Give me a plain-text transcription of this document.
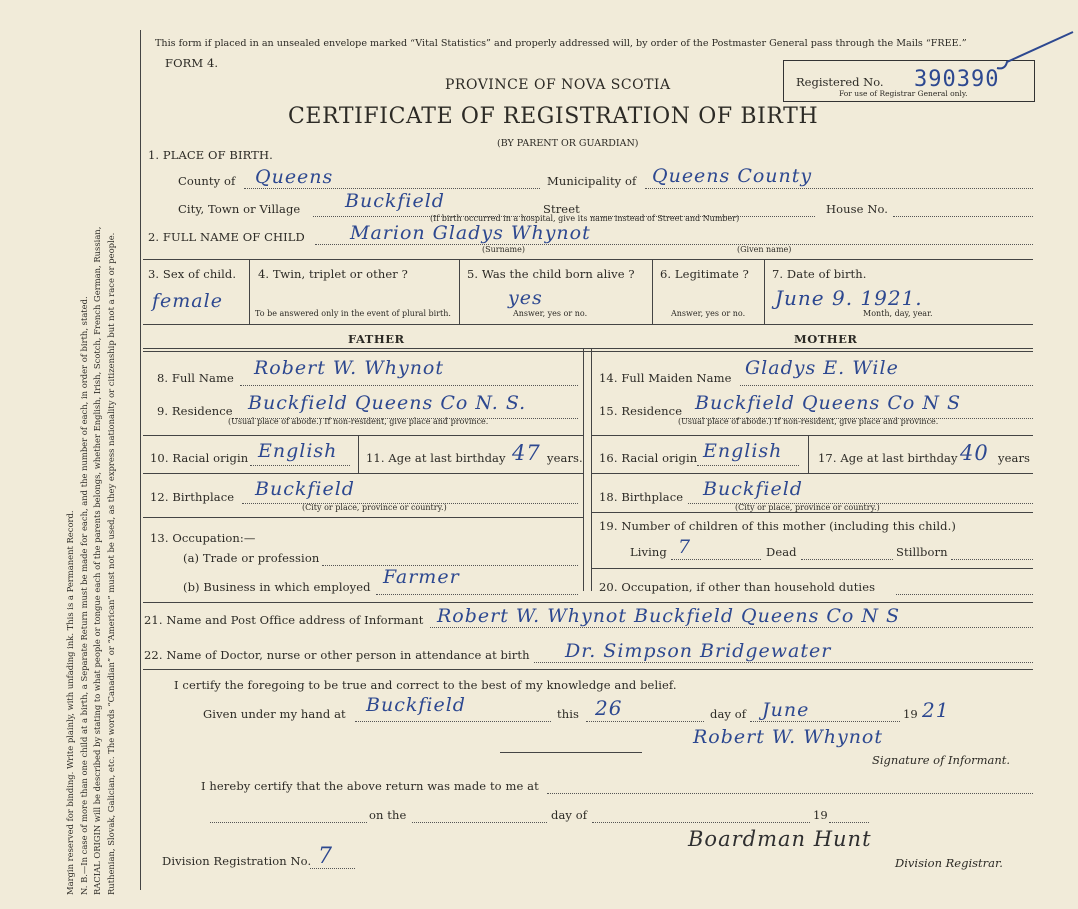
Margin reserved for binding. Write plainly, with unfading ink. This is a Permanent Record. N. B.—In case of more than one child at a birth, a Separate Return must be made for each, and the number of each, in order of birth, stated. RACIAL ORIGIN will be described by stating to what people or tongue each of the parents belongs, whether English, Irish, Scotch, French German, Russian, Ruthenian, Slovak, Galician, etc. The words “Canadian” or “American” must not be used, as they express nationality or citizenship but not a race or people.
This form if placed in an unsealed envelope marked “Vital Statistics” and properly addressed will, by order of the Postmaster General pass through the Mails “FREE.”
FORM 4.
PROVINCE OF NOVA SCOTIA
CERTIFICATE OF REGISTRATION OF BIRTH
(BY PARENT OR GUARDIAN)
Registered No. 390390
For use of Registrar General only.
1. PLACE OF BIRTH.
County of Queens	Municipality of Queens County
City, Town or Village Buckfield	Street
(If birth occurred in a hospital, give its name instead of Street and Number)
House No.
2. FULL NAME OF CHILD Marion Gladys Whynot
(Surname)	(Given name)
3. Sex of child.
female
4. Twin, triplet or other ?
To be answered only in the event of plural birth.
5. Was the child born alive ?
yes
Answer, yes or no.
6. Legitimate ?
Answer, yes or no.
7. Date of birth.
June 9. 1921.
Month, day, year.
FATHER	MOTHER
8. Full Name Robert W. Whynot
9. Residence Buckfield Queens Co N. S.
(Usual place of abode.) If non-resident, give place and province.
10. Racial origin English 11. Age at last birthday 47 years.
12. Birthplace Buckfield
(City or place, province or country.)
13. Occupation:—
(a) Trade or profession
(b) Business in which employed Farmer
14. Full Maiden Name Gladys E. Wile
15. Residence Buckfield Queens Co N S
(Usual place of abode.) If non-resident, give place and province.
16. Racial origin English	17. Age at last birthday 40 years
18. Birthplace Buckfield
(City or place, province or country.)
19. Number of children of this mother (including this child.)
Living 7	Dead	Stillborn
20. Occupation, if other than household duties
21. Name and Post Office address of Informant Robert W. Whynot Buckfield Queens Co N S
22. Name of Doctor, nurse or other person in attendance at birth Dr. Simpson Bridgewater
I certify the foregoing to be true and correct to the best of my knowledge and belief.
Given under my hand at Buckfield	this 26	day of June	19 21
Robert W. Whynot
Signature of Informant.
I hereby certify that the above return was made to me at
on the	day of	19
Division Registration No. 7
Boardman Hunt
Division Registrar.
